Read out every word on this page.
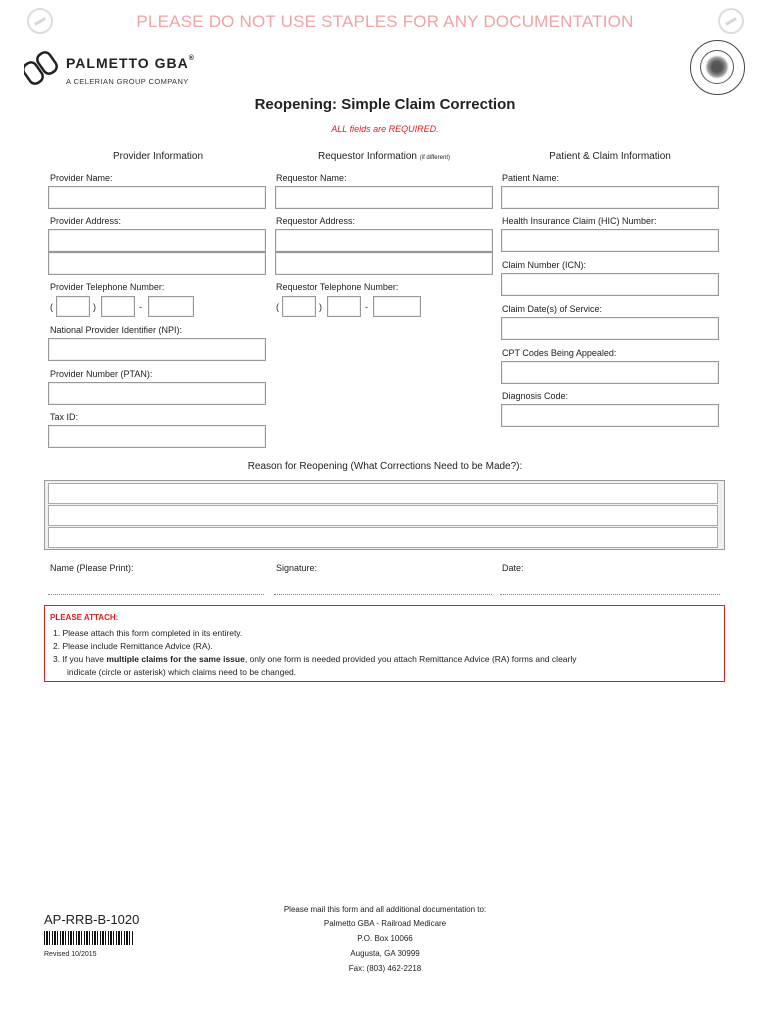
PLEASE DO NOT USE STAPLES FOR ANY DOCUMENTATION
PALMETTO GBA®
A CELERIAN GROUP COMPANY
Reopening: Simple Claim Correction
ALL fields are REQUIRED.
Provider Information	Requestor Information (if different)	Patient & Claim Information
Provider Name:
Provider Address:
Provider Telephone Number:
(	)	-
National Provider Identifier (NPI):
Provider Number (PTAN):
Tax ID:
Requestor Name:
Requestor Address:
Requestor Telephone Number:
(	)	-
Patient Name:
Health Insurance Claim (HIC) Number:
Claim Number (ICN):
Claim Date(s) of Service:
CPT Codes Being Appealed:
Diagnosis Code:
Reason for Reopening (What Corrections Need to be Made?):
Name (Please Print):	Signature:	Date:
PLEASE ATTACH:
1. Please attach this form completed in its entirety.
2. Please include Remittance Advice (RA).
3. If you have multiple claims for the same issue, only one form is needed provided you attach Remittance Advice (RA) forms and clearly
indicate (circle or asterisk) which claims need to be changed.
AP-RRB-B-1020
Revised 10/2015
Please mail this form and all additional documentation to:
Palmetto GBA - Railroad Medicare
P.O. Box 10066
Augusta, GA 30999
Fax: (803) 462-2218
